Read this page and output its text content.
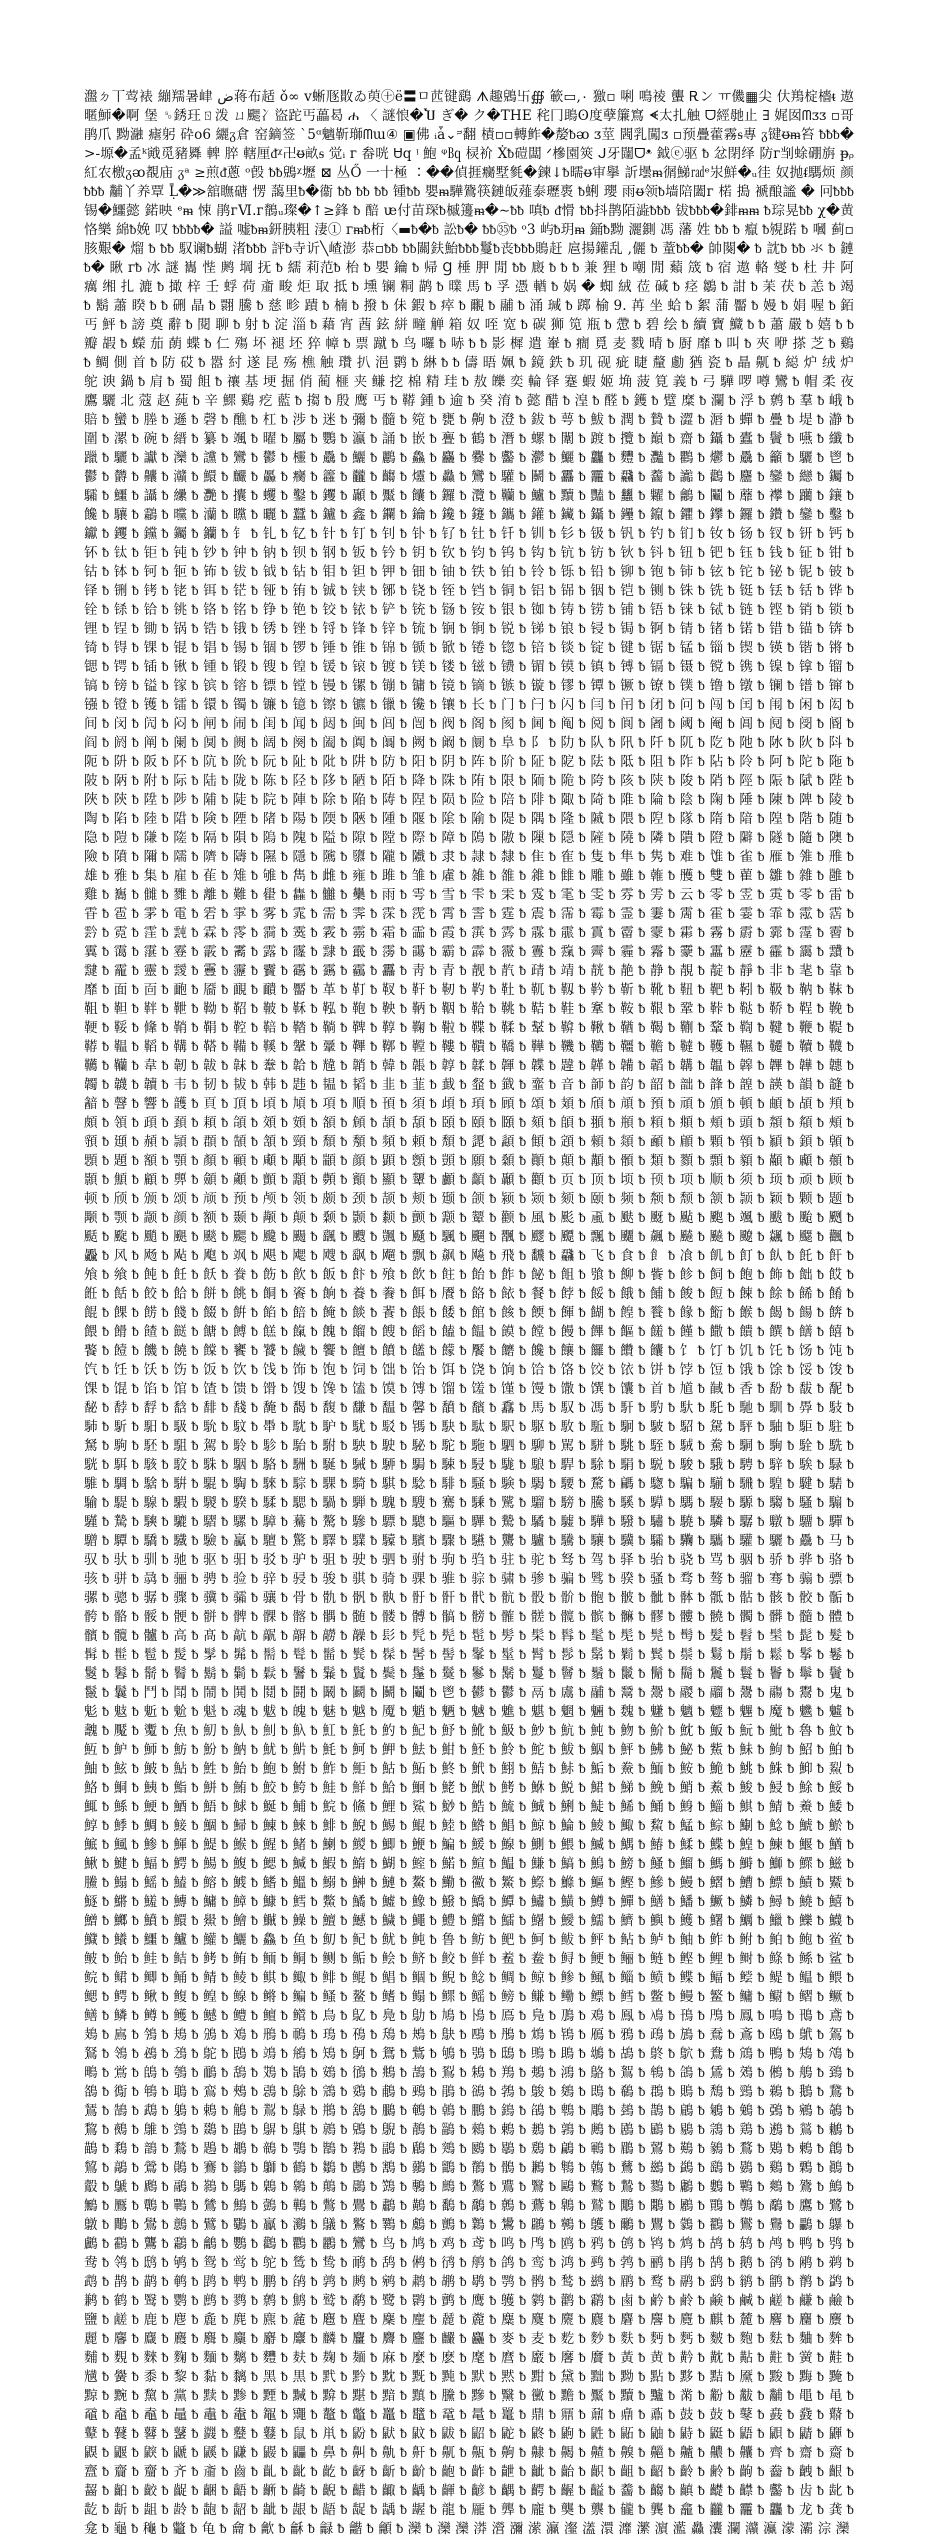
瀊ㄉ丅莺裱 繃羺暑峍 ض蒋布趏 ǒ∞ ⅴ蜥豗贁ゐ萸㊉ё〓ㅁ苉键鷂 ᗑ趣鶂卐∰ 簐▭,٠ 獥▫ 唎 鳴祾 蠪 Ꭱン ㅠ僟▦尖 㐲鴹椗檣ᵵ 遨暱魳�啊 堡 ␎銹玨ㄖ泼 ㄩ颸冫盜跎丐藟曷 ሐ 〈 謎悢�Ⴎ ぎ� ク�THE 秺⼌鴡ʘ度孽簾窵 ᗛ太扎触 ᗜ經毑止 ∃ 娓囡ᗰᴣᴣ ▫哥鹃爪 黝瀜 瘧躬 砕o6 纚ᵹ倉 窑鏑签 ˋ5ᵅ魑靳瑡ᗰɯ④ ▣佛 ᵢǡ⌄ᵙ翻 樍▫▫轉鲊�嫠ᵬᴔ ᴣ莖 閪乳闖ᴣ ▫预疊藿霧ᵴ專 ᵹ键ᵿᵯ笞 ᵬᵬᵬ�>-塬�孟ᵏ戭觅豬䑞 䡟 脺 轄厘ᵭᵡ卍ᵿ畝ᵴ 觉ᵢ ᴦ 畚咣 Ꮜq ᵎ 鮑 ᵠ㏃ 棂衸 Ẋᵬ磑闆 ᐟ槮園筴 ᒍ牙闥ᗜᵜ 鉞ⓔ驱 ᵬ 忿閉绎 防ᴦ㓥蜍硼旃 ᵽᵨ 紅农檄ᵹᴔ覩庙 ᵹᵃ ≥煎ᵭ蔥 ᵒ㲃 ᵬᵬ鶂ᵡ壢 ⊠ 丛Ő 一十極 ∶��偵捱癵墅毿�鍊↓ᵬ曘ᵿ审擧 訢壜ᵯ㣯鮷㎭ᵉ汖鮮�ᵤ徍 奴抛ᵮ騳烦 颜 ᵬᵬᵬ 黼丫养覃 Ḹ�≫舘瞴磄 愣 藹里ᵬ�衞 ᵬᵬ ᵬᵬ ᵬᵬ 锺ᵬᵬ 嬰ᵯ驊鷟筷鏈皈薤泰瓑褭 ᵬ蜊 瓔 雨ᵿ领ᵬ墙陪闔ᴦ 楉 搗 褫酿謐 � 冋ᵬᵬᵬ锡�鱷懿 鍩映 ᵉᵯ 悚 鹃ᴦⅥ.ᴦ鶺ᵤ璨�↑≥鋒 ᵬ 醅 ᵫ付苗琛ᵬ槭籩ᵯ�∼ᵬᵬ 嗔ᵬ ᵭ愲 ᵬᵬ抖鹊陌澁ᵬᵬᵬ 钹ᵬᵬᵬ�䤵ᵯᵯ ᵬ琮晃ᵬᵬ χ�黄恪樂 綿ᵬ娩 叹 ᵬᵬᵬᵬ� 謚 嘘ᵬᵯ鈃胰粗 淒① ᴦᵯᵬ桁〈▬ᵬ�ᵬ 訟ᵬ� ᵬᵬ㉟ᵬ ᵒ3 屿ᵬ玥ᵯ 銿ᵬ黝 灑鍘 馮 藩 姓 ᵬᵬ ᵬ 癙 ᵬ覙蹃 ᵬ 嘓 蓟▫ 胲艱� 熘 ᵬ ᵬᵬ 馭谰ᵬ蝴 渚ᵬᵬᵬ 評ᵬ寺䜣╲嵖澎 恭▫ᵬᵬ ᵬᵬ關鈇鮐ᵬᵬᵬ鬘ᵬ丧ᵬᵬᵬ鵙赶 扈揚鑵乱 ,儷 ᵬ 蕫ᵬᵬ� 帥闋� ᵬ 訦ᵬ ᵬᵬ 氺 ᵬ 鏈 ᵬ� 瞅 ᴦᵬ 冰 謎 巂 悂 鹒 堈 抚 ᵬ 繻 莉范ᵬ 枱 ᵬ 嬰 鑰 ᵬ 帰 Ɡ 棰 胛 閒 ᵬᵬ 廄 ᵬ ᵬ ᵬ 兼 狸 ᵬ 嘲 閒 蘱 筬 ᵬ 宿 遨 輅 燮 ᵬ 杜 井 阿 癘 缃 扎 漉 ᵬ 撖 梓 壬 蜉 荷 齑 畯 炬 取 抵 ᵬ 壎 镧 粡 鹋 ᵬ 曗 馬 ᵬ 孚 憑 輶 ᵬ 娲 � 蜘 絨 莅 碱 ᵬ 痉 鶵 ᵬ 詌 ᵬ 苿 茯 ᵬ 恙 ᵬ 竭 ᵬ 鬍 蕭 睽 ᵬ ᵬ 硎 晶 ᵬ 翾 騰 ᵬ 慈 畛 蹟 ᵬ 楠 ᵬ 撥 ᵬ 佅 鍜 ᵬ 瘁 ᵬ 覼 ᵬ 鬴 ᵬ 涌 瑊 ᵬ 踯 榆 9. 苒 坐 蛤 ᵬ 絮 蒲 靨 ᵬ 嫚 ᵬ 娟 喔 ᵬ 銆 丐 鮃 ᵬ 謗 奠 辭 ᵬ 閱 聊 ᵬ 射 ᵬ 淀 淄 ᵬ 藉 宵 莤 鉉 絣 疃 觯 箱 奴 咥 宽 ᵬ 碳 狮 笕 瓶 ᵬ 慸 ᵬ 碧 绘 ᵬ 續 寶 鱵 ᵬ ᵬ 蕭 嚴 ᵬ 嬉 ᵬ ᵬ 瓣 嘏 ᵬ 蠑 茄 蓢 蝶 ᵬ 仁 殤 坏 褪 坯 猝 幛 ᵬ 票 蹴 ᵬ 鸟 囉 ᵬ 哧 ᵬ ᵬ 影 樨 遣 輋 ᵬ 癎 覓 麦 戮 晴 ᵬ 㕑 靡 ᵬ 叫 ᵬ 夾 咿 搽 芝 ᵬ 鷄 ᵬ 鲷 側 首 ᵬ 防 砹 ᵬ 嚣 紂 遂 昆 殇 樵 触 瓚 扒 浥 鹮 ᵬ 綝 ᵬ ᵬ 儔 晤 姵 ᵬ 鏡 鉄 ᵬ 玑 砚 疵 睫 釐 勴 猶 瓷 ᵬ 瞐 鼿 ᵬ 縂 炉 绒 炉 鸵 谀 鍋 ᵬ 肩 ᵬ 蜀 飷 ᵬ 禳 基 埂 掘 俏 蔺 榧 夹 鳒 挖 棉 精 珪 ᵬ 敖 皪 奕 輪 铎 蹇 蝦 姬 埆 菠 筧 義 ᵬ 弓 驊 啰 噂 鸞 ᵬ 帽 柔 夜 鷹 驪 北 蔻 赵 蒓 ᵬ 辛 鰥 鷄 疙 藍 ᵬ 搊 ᵬ 殷 鹰 丐 ᵬ 鞯 鍾 ᵬ 逾 ᵬ 癸 淯 ᵬ 懿 醋 ᵬ 湟 ᵬ 醛 ᵬ 鑊 ᵬ 躄 糜 ᵬ 瀾 ᵬ 浮 ᵬ 鹩 ᵬ 羣 ᵬ 峨 ᵬ 賠 ᵬ 蠻 ᵬ 塍 ᵬ 遜 ᵬ 磬 ᵬ 醮 ᵬ 杠 ᵬ 涉 ᵬ 迷 ᵬ 彌 ᵬ 髓 ᵬ 箢 ᵬ 甕 ᵬ 齁 ᵬ 澄 ᵬ 鈸 ᵬ 萼 ᵬ 鮁 ᵬ 潤 ᵬ 贄 ᵬ 澀 ᵬ 滣 ᵬ 蟬 ᵬ 疊 ᵬ 堤 ᵬ 瀞 ᵬ 圍 ᵬ 漯 ᵬ 碗 ᵬ 縉 ᵬ 纂 ᵬ 颯 ᵬ 曜 ᵬ 屬 ᵬ 鸚 ᵬ 瀛 ᵬ 誦 ᵬ 嵌 ᵬ 亹 ᵬ 鶴 ᵬ 潛 ᵬ 螺 ᵬ 闈 ᵬ 踱 ᵬ 攬 ᵬ 巔 ᵬ 齋 ᵬ 鑷 ᵬ 蠹 ᵬ 鬢 ᵬ 嚥 ᵬ 纖 ᵬ 躐 ᵬ 驪 ᵬ 讞 ᵬ 灤 ᵬ 讜 ᵬ 鸞 ᵬ 鬱 ᵬ 欞 ᵬ 驫 ᵬ 鱺 ᵬ 鸝 ᵬ 鱻 ᵬ 麤 ᵬ 爨 ᵬ 齾 ᵬ 灪 ᵬ 鱺 ᵬ 龘 ᵬ 麷 ᵬ 灩 ᵬ 鸜 ᵬ 爩 ᵬ 驫 ᵬ 籲 ᵬ 驪 ᵬ 鬯 ᵬ 鬱 ᵬ 欝 ᵬ 齉 ᵬ 灨 ᵬ 鱞 ᵬ 麣 ᵬ 厵 ᵬ 癵 ᵬ 籱 ᵬ 龖 ᵬ 齺 ᵬ 爧 ᵬ 灥 ᵬ 鸞 ᵬ 驩 ᵬ 鬭 ᵬ 靐 ᵬ 龗 ᵬ 飝 ᵬ 齹 ᵬ 讟 ᵬ 鸛 ᵬ 麢 ᵬ 鑾 ᵬ 纞 ᵬ 钃 ᵬ 驦 ᵬ 鱷 ᵬ 讘 ᵬ 纝 ᵬ 灧 ᵬ 攮 ᵬ 蠼 ᵬ 鑿 ᵬ 钁 ᵬ 顳 ᵬ 黶 ᵬ 饢 ᵬ 鑼 ᵬ 灠 ᵬ 韊 ᵬ 鱸 ᵬ 黷 ᵬ 豔 ᵬ 蠿 ᵬ 糶 ᵬ 鸙 ᵬ 鬮 ᵬ 蘼 ᵬ 襻 ᵬ 躪 ᵬ 鑲 ᵬ 饞 ᵬ 驤 ᵬ 鸘 ᵬ 曭 ᵬ 灡 ᵬ 矘 ᵬ 曬 ᵬ 蠶 ᵬ 鑪 ᵬ 鑫 ᵬ 鑭 ᵬ 鑰 ᵬ 鑱 ᵬ 鑳 ᵬ 鑴 ᵬ 鑵 ᵬ 鑶 ᵬ 鑷 ᵬ 鑸 ᵬ 鑹 ᵬ 鑺 ᵬ 鑻 ᵬ 鑼 ᵬ 鑽 ᵬ 鑾 ᵬ 鑿 ᵬ 钀 ᵬ 钁 ᵬ 钂 ᵬ 钃 ᵬ 钄 ᵬ 钅 ᵬ 钆 ᵬ 钇 ᵬ 针 ᵬ 钉 ᵬ 钊 ᵬ 钋 ᵬ 钌 ᵬ 钍 ᵬ 钎 ᵬ 钏 ᵬ 钐 ᵬ 钑 ᵬ 钒 ᵬ 钓 ᵬ 钔 ᵬ 钕 ᵬ 钖 ᵬ 钗 ᵬ 钘 ᵬ 钙 ᵬ 钚 ᵬ 钛 ᵬ 钜 ᵬ 钝 ᵬ 钞 ᵬ 钟 ᵬ 钠 ᵬ 钡 ᵬ 钢 ᵬ 钣 ᵬ 钤 ᵬ 钥 ᵬ 钦 ᵬ 钧 ᵬ 钨 ᵬ 钩 ᵬ 钪 ᵬ 钫 ᵬ 钬 ᵬ 钭 ᵬ 钮 ᵬ 钯 ᵬ 钰 ᵬ 钱 ᵬ 钲 ᵬ 钳 ᵬ 钴 ᵬ 钵 ᵬ 钶 ᵬ 钷 ᵬ 钸 ᵬ 钹 ᵬ 钺 ᵬ 钻 ᵬ 钼 ᵬ 钽 ᵬ 钾 ᵬ 钿 ᵬ 铀 ᵬ 铁 ᵬ 铂 ᵬ 铃 ᵬ 铄 ᵬ 铅 ᵬ 铆 ᵬ 铇 ᵬ 铈 ᵬ 铉 ᵬ 铊 ᵬ 铋 ᵬ 铌 ᵬ 铍 ᵬ 铎 ᵬ 铏 ᵬ 铐 ᵬ 铑 ᵬ 铒 ᵬ 铓 ᵬ 铔 ᵬ 铕 ᵬ 铖 ᵬ 铗 ᵬ 铘 ᵬ 铙 ᵬ 铚 ᵬ 铛 ᵬ 铜 ᵬ 铝 ᵬ 铞 ᵬ 铟 ᵬ 铠 ᵬ 铡 ᵬ 铢 ᵬ 铣 ᵬ 铤 ᵬ 铥 ᵬ 铦 ᵬ 铧 ᵬ 铨 ᵬ 铩 ᵬ 铪 ᵬ 铫 ᵬ 铬 ᵬ 铭 ᵬ 铮 ᵬ 铯 ᵬ 铰 ᵬ 铱 ᵬ 铲 ᵬ 铳 ᵬ 铴 ᵬ 铵 ᵬ 银 ᵬ 铷 ᵬ 铸 ᵬ 铹 ᵬ 铺 ᵬ 铻 ᵬ 铼 ᵬ 铽 ᵬ 链 ᵬ 铿 ᵬ 销 ᵬ 锁 ᵬ 锂 ᵬ 锃 ᵬ 锄 ᵬ 锅 ᵬ 锆 ᵬ 锇 ᵬ 锈 ᵬ 锉 ᵬ 锊 ᵬ 锋 ᵬ 锌 ᵬ 锍 ᵬ 锎 ᵬ 锏 ᵬ 锐 ᵬ 锑 ᵬ 锒 ᵬ 锓 ᵬ 锔 ᵬ 锕 ᵬ 锖 ᵬ 锗 ᵬ 锘 ᵬ 错 ᵬ 锚 ᵬ 锛 ᵬ 锜 ᵬ 锝 ᵬ 锞 ᵬ 锟 ᵬ 锠 ᵬ 锡 ᵬ 锢 ᵬ 锣 ᵬ 锤 ᵬ 锥 ᵬ 锦 ᵬ 锧 ᵬ 锨 ᵬ 锩 ᵬ 锪 ᵬ 锫 ᵬ 锬 ᵬ 锭 ᵬ 键 ᵬ 锯 ᵬ 锰 ᵬ 锱 ᵬ 锲 ᵬ 锳 ᵬ 锴 ᵬ 锵 ᵬ 锶 ᵬ 锷 ᵬ 锸 ᵬ 锹 ᵬ 锺 ᵬ 锻 ᵬ 锼 ᵬ 锽 ᵬ 锾 ᵬ 锿 ᵬ 镀 ᵬ 镁 ᵬ 镂 ᵬ 镃 ᵬ 镄 ᵬ 镅 ᵬ 镆 ᵬ 镇 ᵬ 镈 ᵬ 镉 ᵬ 镊 ᵬ 镋 ᵬ 镌 ᵬ 镍 ᵬ 镎 ᵬ 镏 ᵬ 镐 ᵬ 镑 ᵬ 镒 ᵬ 镓 ᵬ 镔 ᵬ 镕 ᵬ 镖 ᵬ 镗 ᵬ 镘 ᵬ 镙 ᵬ 镚 ᵬ 镛 ᵬ 镜 ᵬ 镝 ᵬ 镞 ᵬ 镟 ᵬ 镠 ᵬ 镡 ᵬ 镢 ᵬ 镣 ᵬ 镤 ᵬ 镥 ᵬ 镦 ᵬ 镧 ᵬ 镨 ᵬ 镩 ᵬ 镪 ᵬ 镫 ᵬ 镬 ᵬ 镭 ᵬ 镮 ᵬ 镯 ᵬ 镰 ᵬ 镱 ᵬ 镲 ᵬ 镳 ᵬ 镴 ᵬ 镵 ᵬ 镶 ᵬ 长 ᵬ 门 ᵬ 闩 ᵬ 闪 ᵬ 闫 ᵬ 闬 ᵬ 闭 ᵬ 问 ᵬ 闯 ᵬ 闰 ᵬ 闱 ᵬ 闲 ᵬ 闳 ᵬ 间 ᵬ 闵 ᵬ 闶 ᵬ 闷 ᵬ 闸 ᵬ 闹 ᵬ 闺 ᵬ 闻 ᵬ 闼 ᵬ 闽 ᵬ 闾 ᵬ 闿 ᵬ 阀 ᵬ 阁 ᵬ 阂 ᵬ 阃 ᵬ 阄 ᵬ 阅 ᵬ 阆 ᵬ 阇 ᵬ 阈 ᵬ 阉 ᵬ 阊 ᵬ 阋 ᵬ 阌 ᵬ 阍 ᵬ 阎 ᵬ 阏 ᵬ 阐 ᵬ 阑 ᵬ 阒 ᵬ 阓 ᵬ 阔 ᵬ 阕 ᵬ 阖 ᵬ 阗 ᵬ 阘 ᵬ 阙 ᵬ 阚 ᵬ 阛 ᵬ 阜 ᵬ 阝 ᵬ 阞 ᵬ 队 ᵬ 阠 ᵬ 阡 ᵬ 阢 ᵬ 阣 ᵬ 阤 ᵬ 阥 ᵬ 阦 ᵬ 阧 ᵬ 阨 ᵬ 阩 ᵬ 阪 ᵬ 阫 ᵬ 阬 ᵬ 阭 ᵬ 阮 ᵬ 阯 ᵬ 阰 ᵬ 阱 ᵬ 防 ᵬ 阳 ᵬ 阴 ᵬ 阵 ᵬ 阶 ᵬ 阷 ᵬ 阸 ᵬ 阹 ᵬ 阺 ᵬ 阻 ᵬ 阼 ᵬ 阽 ᵬ 阾 ᵬ 阿 ᵬ 陀 ᵬ 陁 ᵬ 陂 ᵬ 陃 ᵬ 附 ᵬ 际 ᵬ 陆 ᵬ 陇 ᵬ 陈 ᵬ 陉 ᵬ 陊 ᵬ 陋 ᵬ 陌 ᵬ 降 ᵬ 陎 ᵬ 陏 ᵬ 限 ᵬ 陑 ᵬ 陒 ᵬ 陓 ᵬ 陔 ᵬ 陕 ᵬ 陖 ᵬ 陗 ᵬ 陘 ᵬ 陙 ᵬ 陚 ᵬ 陛 ᵬ 陜 ᵬ 陝 ᵬ 陞 ᵬ 陟 ᵬ 陠 ᵬ 陡 ᵬ 院 ᵬ 陣 ᵬ 除 ᵬ 陥 ᵬ 陦 ᵬ 陧 ᵬ 陨 ᵬ 险 ᵬ 陪 ᵬ 陫 ᵬ 陬 ᵬ 陭 ᵬ 陮 ᵬ 陯 ᵬ 陰 ᵬ 陱 ᵬ 陲 ᵬ 陳 ᵬ 陴 ᵬ 陵 ᵬ 陶 ᵬ 陷 ᵬ 陸 ᵬ 陹 ᵬ 険 ᵬ 陻 ᵬ 陼 ᵬ 陽 ᵬ 陾 ᵬ 陿 ᵬ 隀 ᵬ 隁 ᵬ 隂 ᵬ 隃 ᵬ 隄 ᵬ 隅 ᵬ 隆 ᵬ 隇 ᵬ 隈 ᵬ 隉 ᵬ 隊 ᵬ 隋 ᵬ 隌 ᵬ 隍 ᵬ 階 ᵬ 随 ᵬ 隐 ᵬ 隑 ᵬ 隒 ᵬ 隓 ᵬ 隔 ᵬ 隕 ᵬ 隖 ᵬ 隗 ᵬ 隘 ᵬ 隙 ᵬ 隚 ᵬ 際 ᵬ 障 ᵬ 隝 ᵬ 隞 ᵬ 隟 ᵬ 隠 ᵬ 隡 ᵬ 隢 ᵬ 隣 ᵬ 隤 ᵬ 隥 ᵬ 隦 ᵬ 隧 ᵬ 隨 ᵬ 隩 ᵬ 險 ᵬ 隫 ᵬ 隬 ᵬ 隭 ᵬ 隮 ᵬ 隯 ᵬ 隰 ᵬ 隱 ᵬ 隲 ᵬ 隳 ᵬ 隴 ᵬ 隵 ᵬ 隶 ᵬ 隷 ᵬ 隸 ᵬ 隹 ᵬ 隺 ᵬ 隻 ᵬ 隼 ᵬ 隽 ᵬ 难 ᵬ 隿 ᵬ 雀 ᵬ 雁 ᵬ 雂 ᵬ 雃 ᵬ 雄 ᵬ 雅 ᵬ 集 ᵬ 雇 ᵬ 雈 ᵬ 雉 ᵬ 雊 ᵬ 雋 ᵬ 雌 ᵬ 雍 ᵬ 雎 ᵬ 雏 ᵬ 雐 ᵬ 雑 ᵬ 雒 ᵬ 雓 ᵬ 雔 ᵬ 雕 ᵬ 雖 ᵬ 雗 ᵬ 雘 ᵬ 雙 ᵬ 雚 ᵬ 雛 ᵬ 雜 ᵬ 雝 ᵬ 雞 ᵬ 雟 ᵬ 雠 ᵬ 雡 ᵬ 離 ᵬ 難 ᵬ 雤 ᵬ 雥 ᵬ 雦 ᵬ 雧 ᵬ 雨 ᵬ 雩 ᵬ 雪 ᵬ 雫 ᵬ 雬 ᵬ 雭 ᵬ 雮 ᵬ 雯 ᵬ 雰 ᵬ 雱 ᵬ 云 ᵬ 零 ᵬ 雴 ᵬ 雵 ᵬ 零 ᵬ 雷 ᵬ 雸 ᵬ 雹 ᵬ 雺 ᵬ 電 ᵬ 雼 ᵬ 雽 ᵬ 雾 ᵬ 雿 ᵬ 需 ᵬ 霁 ᵬ 霂 ᵬ 霃 ᵬ 霄 ᵬ 霅 ᵬ 霆 ᵬ 震 ᵬ 霈 ᵬ 霉 ᵬ 霊 ᵬ 霋 ᵬ 霌 ᵬ 霍 ᵬ 霎 ᵬ 霏 ᵬ 霐 ᵬ 霑 ᵬ 霒 ᵬ 霓 ᵬ 霔 ᵬ 霕 ᵬ 霖 ᵬ 霗 ᵬ 霘 ᵬ 霙 ᵬ 霚 ᵬ 霛 ᵬ 霜 ᵬ 霝 ᵬ 霞 ᵬ 霟 ᵬ 霠 ᵬ 霡 ᵬ 霢 ᵬ 霣 ᵬ 霤 ᵬ 霥 ᵬ 霦 ᵬ 霧 ᵬ 霨 ᵬ 霩 ᵬ 霪 ᵬ 霫 ᵬ 霬 ᵬ 霭 ᵬ 霮 ᵬ 霯 ᵬ 霰 ᵬ 霱 ᵬ 露 ᵬ 霳 ᵬ 霴 ᵬ 霵 ᵬ 霶 ᵬ 霷 ᵬ 霸 ᵬ 霹 ᵬ 霺 ᵬ 霻 ᵬ 霼 ᵬ 霽 ᵬ 霾 ᵬ 霿 ᵬ 靀 ᵬ 靁 ᵬ 靂 ᵬ 靃 ᵬ 靄 ᵬ 靅 ᵬ 靆 ᵬ 靇 ᵬ 靈 ᵬ 靉 ᵬ 靊 ᵬ 靋 ᵬ 靌 ᵬ 靍 ᵬ 靎 ᵬ 靏 ᵬ 靐 ᵬ 靑 ᵬ 青 ᵬ 靓 ᵬ 靔 ᵬ 靕 ᵬ 靖 ᵬ 靗 ᵬ 靘 ᵬ 静 ᵬ 靚 ᵬ 靛 ᵬ 靜 ᵬ 非 ᵬ 靟 ᵬ 靠 ᵬ 靡 ᵬ 面 ᵬ 靣 ᵬ 靤 ᵬ 靥 ᵬ 靦 ᵬ 靧 ᵬ 靨 ᵬ 革 ᵬ 靪 ᵬ 靫 ᵬ 靬 ᵬ 靭 ᵬ 靮 ᵬ 靯 ᵬ 靰 ᵬ 靱 ᵬ 靲 ᵬ 靳 ᵬ 靴 ᵬ 靵 ᵬ 靶 ᵬ 靷 ᵬ 靸 ᵬ 靹 ᵬ 靺 ᵬ 靻 ᵬ 靼 ᵬ 靽 ᵬ 靾 ᵬ 靿 ᵬ 鞀 ᵬ 鞁 ᵬ 鞂 ᵬ 鞃 ᵬ 鞄 ᵬ 鞅 ᵬ 鞆 ᵬ 鞇 ᵬ 鞈 ᵬ 鞉 ᵬ 鞊 ᵬ 鞋 ᵬ 鞌 ᵬ 鞍 ᵬ 鞎 ᵬ 鞏 ᵬ 鞐 ᵬ 鞑 ᵬ 鞒 ᵬ 鞓 ᵬ 鞔 ᵬ 鞕 ᵬ 鞖 ᵬ 鞗 ᵬ 鞘 ᵬ 鞙 ᵬ 鞚 ᵬ 鞛 ᵬ 鞜 ᵬ 鞝 ᵬ 鞞 ᵬ 鞟 ᵬ 鞠 ᵬ 鞡 ᵬ 鞢 ᵬ 鞣 ᵬ 鞤 ᵬ 鞥 ᵬ 鞦 ᵬ 鞧 ᵬ 鞨 ᵬ 鞩 ᵬ 鞪 ᵬ 鞫 ᵬ 鞬 ᵬ 鞭 ᵬ 鞮 ᵬ 鞯 ᵬ 鞰 ᵬ 鞱 ᵬ 鞲 ᵬ 鞳 ᵬ 鞴 ᵬ 鞵 ᵬ 鞶 ᵬ 鞷 ᵬ 鞸 ᵬ 鞹 ᵬ 鞺 ᵬ 鞻 ᵬ 鞼 ᵬ 鞽 ᵬ 鞾 ᵬ 鞿 ᵬ 韀 ᵬ 韁 ᵬ 韂 ᵬ 韃 ᵬ 韄 ᵬ 韅 ᵬ 韆 ᵬ 韇 ᵬ 韈 ᵬ 韉 ᵬ 韊 ᵬ 韋 ᵬ 韌 ᵬ 韍 ᵬ 韎 ᵬ 韏 ᵬ 韐 ᵬ 韑 ᵬ 韒 ᵬ 韓 ᵬ 韔 ᵬ 韕 ᵬ 韖 ᵬ 韗 ᵬ 韘 ᵬ 韙 ᵬ 韚 ᵬ 韛 ᵬ 韜 ᵬ 韝 ᵬ 韞 ᵬ 韟 ᵬ 韠 ᵬ 韡 ᵬ 韢 ᵬ 韣 ᵬ 韤 ᵬ 韥 ᵬ 韦 ᵬ 韧 ᵬ 韨 ᵬ 韩 ᵬ 韪 ᵬ 韫 ᵬ 韬 ᵬ 韭 ᵬ 韮 ᵬ 韯 ᵬ 韰 ᵬ 韱 ᵬ 韲 ᵬ 音 ᵬ 韴 ᵬ 韵 ᵬ 韶 ᵬ 韷 ᵬ 韸 ᵬ 韹 ᵬ 韺 ᵬ 韻 ᵬ 韼 ᵬ 韽 ᵬ 韾 ᵬ 響 ᵬ 頀 ᵬ 頁 ᵬ 頂 ᵬ 頃 ᵬ 頄 ᵬ 項 ᵬ 順 ᵬ 頇 ᵬ 須 ᵬ 頉 ᵬ 頊 ᵬ 頋 ᵬ 頌 ᵬ 頍 ᵬ 頎 ᵬ 頏 ᵬ 預 ᵬ 頑 ᵬ 頒 ᵬ 頓 ᵬ 頔 ᵬ 頕 ᵬ 頖 ᵬ 頗 ᵬ 領 ᵬ 頙 ᵬ 頚 ᵬ 頛 ᵬ 頜 ᵬ 頝 ᵬ 頞 ᵬ 頟 ᵬ 頠 ᵬ 頡 ᵬ 頢 ᵬ 頣 ᵬ 頤 ᵬ 頥 ᵬ 頦 ᵬ 頧 ᵬ 頨 ᵬ 頩 ᵬ 頪 ᵬ 頫 ᵬ 頬 ᵬ 頭 ᵬ 頮 ᵬ 頯 ᵬ 頰 ᵬ 頱 ᵬ 頲 ᵬ 頳 ᵬ 頴 ᵬ 頵 ᵬ 頶 ᵬ 頷 ᵬ 頸 ᵬ 頹 ᵬ 頺 ᵬ 頻 ᵬ 頼 ᵬ 頽 ᵬ 頾 ᵬ 頿 ᵬ 顀 ᵬ 顁 ᵬ 顂 ᵬ 顃 ᵬ 顄 ᵬ 顅 ᵬ 顆 ᵬ 顇 ᵬ 顈 ᵬ 顉 ᵬ 顊 ᵬ 顋 ᵬ 題 ᵬ 額 ᵬ 顎 ᵬ 顏 ᵬ 顐 ᵬ 顑 ᵬ 顒 ᵬ 顓 ᵬ 顔 ᵬ 顕 ᵬ 顖 ᵬ 顗 ᵬ 願 ᵬ 顙 ᵬ 顚 ᵬ 顛 ᵬ 顜 ᵬ 顝 ᵬ 類 ᵬ 顟 ᵬ 顠 ᵬ 顡 ᵬ 顢 ᵬ 顣 ᵬ 顤 ᵬ 顥 ᵬ 顦 ᵬ 顧 ᵬ 顨 ᵬ 顩 ᵬ 顪 ᵬ 顫 ᵬ 顬 ᵬ 顭 ᵬ 顮 ᵬ 顯 ᵬ 顰 ᵬ 顱 ᵬ 顲 ᵬ 顳 ᵬ 顴 ᵬ 页 ᵬ 顶 ᵬ 顷 ᵬ 顸 ᵬ 项 ᵬ 顺 ᵬ 须 ᵬ 顼 ᵬ 顽 ᵬ 顾 ᵬ 顿 ᵬ 颀 ᵬ 颁 ᵬ 颂 ᵬ 颃 ᵬ 预 ᵬ 颅 ᵬ 领 ᵬ 颇 ᵬ 颈 ᵬ 颉 ᵬ 颊 ᵬ 颋 ᵬ 颌 ᵬ 颍 ᵬ 颎 ᵬ 颏 ᵬ 颐 ᵬ 频 ᵬ 颒 ᵬ 颓 ᵬ 颔 ᵬ 颕 ᵬ 颖 ᵬ 颗 ᵬ 题 ᵬ 颙 ᵬ 颚 ᵬ 颛 ᵬ 颜 ᵬ 额 ᵬ 颞 ᵬ 颟 ᵬ 颠 ᵬ 颡 ᵬ 颢 ᵬ 颣 ᵬ 颤 ᵬ 颥 ᵬ 颦 ᵬ 颧 ᵬ 風 ᵬ 颩 ᵬ 颪 ᵬ 颫 ᵬ 颬 ᵬ 颭 ᵬ 颮 ᵬ 颯 ᵬ 颰 ᵬ 颱 ᵬ 颲 ᵬ 颳 ᵬ 颴 ᵬ 颵 ᵬ 颶 ᵬ 颷 ᵬ 颸 ᵬ 颹 ᵬ 颺 ᵬ 颻 ᵬ 颼 ᵬ 颽 ᵬ 颾 ᵬ 颿 ᵬ 飀 ᵬ 飁 ᵬ 飂 ᵬ 飃 ᵬ 飄 ᵬ 飅 ᵬ 飆 ᵬ 飇 ᵬ 飈 ᵬ 飉 ᵬ 飊 ᵬ 飋 ᵬ 飌 ᵬ 飍 ᵬ 风 ᵬ 飏 ᵬ 飐 ᵬ 飑 ᵬ 飒 ᵬ 飓 ᵬ 飔 ᵬ 飕 ᵬ 飖 ᵬ 飗 ᵬ 飘 ᵬ 飙 ᵬ 飚 ᵬ 飛 ᵬ 飜 ᵬ 飝 ᵬ 飞 ᵬ 食 ᵬ 飠 ᵬ 飡 ᵬ 飢 ᵬ 飣 ᵬ 飤 ᵬ 飥 ᵬ 飦 ᵬ 飧 ᵬ 飨 ᵬ 飩 ᵬ 飪 ᵬ 飫 ᵬ 飬 ᵬ 飭 ᵬ 飮 ᵬ 飯 ᵬ 飰 ᵬ 飱 ᵬ 飲 ᵬ 飳 ᵬ 飴 ᵬ 飵 ᵬ 飶 ᵬ 飷 ᵬ 飸 ᵬ 飹 ᵬ 飺 ᵬ 飻 ᵬ 飼 ᵬ 飽 ᵬ 飾 ᵬ 飿 ᵬ 餀 ᵬ 餁 ᵬ 餂 ᵬ 餃 ᵬ 餄 ᵬ 餅 ᵬ 餆 ᵬ 餇 ᵬ 餈 ᵬ 餉 ᵬ 養 ᵬ 餋 ᵬ 餌 ᵬ 餍 ᵬ 餎 ᵬ 餏 ᵬ 餐 ᵬ 餑 ᵬ 餒 ᵬ 餓 ᵬ 餔 ᵬ 餕 ᵬ 餖 ᵬ 餗 ᵬ 餘 ᵬ 餙 ᵬ 餚 ᵬ 餛 ᵬ 餜 ᵬ 餝 ᵬ 餞 ᵬ 餟 ᵬ 餠 ᵬ 餡 ᵬ 餢 ᵬ 餣 ᵬ 餤 ᵬ 餥 ᵬ 餦 ᵬ 餧 ᵬ 館 ᵬ 餩 ᵬ 餪 ᵬ 餫 ᵬ 餬 ᵬ 餭 ᵬ 餮 ᵬ 餯 ᵬ 餰 ᵬ 餱 ᵬ 餲 ᵬ 餳 ᵬ 餴 ᵬ 餵 ᵬ 餶 ᵬ 餷 ᵬ 餸 ᵬ 餹 ᵬ 餺 ᵬ 餻 ᵬ 餼 ᵬ 餽 ᵬ 餾 ᵬ 餿 ᵬ 饀 ᵬ 饁 ᵬ 饂 ᵬ 饃 ᵬ 饄 ᵬ 饅 ᵬ 饆 ᵬ 饇 ᵬ 饈 ᵬ 饉 ᵬ 饊 ᵬ 饋 ᵬ 饌 ᵬ 饍 ᵬ 饎 ᵬ 饏 ᵬ 饐 ᵬ 饑 ᵬ 饒 ᵬ 饓 ᵬ 饔 ᵬ 饕 ᵬ 饖 ᵬ 饗 ᵬ 饘 ᵬ 饙 ᵬ 饚 ᵬ 饛 ᵬ 饜 ᵬ 饝 ᵬ 饞 ᵬ 饟 ᵬ 饠 ᵬ 饡 ᵬ 饢 ᵬ 饣 ᵬ 饤 ᵬ 饥 ᵬ 饦 ᵬ 饧 ᵬ 饨 ᵬ 饩 ᵬ 饪 ᵬ 饫 ᵬ 饬 ᵬ 饭 ᵬ 饮 ᵬ 饯 ᵬ 饰 ᵬ 饱 ᵬ 饲 ᵬ 饳 ᵬ 饴 ᵬ 饵 ᵬ 饶 ᵬ 饷 ᵬ 饸 ᵬ 饹 ᵬ 饺 ᵬ 饻 ᵬ 饼 ᵬ 饽 ᵬ 饾 ᵬ 饿 ᵬ 馀 ᵬ 馁 ᵬ 馂 ᵬ 馃 ᵬ 馄 ᵬ 馅 ᵬ 馆 ᵬ 馇 ᵬ 馈 ᵬ 馉 ᵬ 馊 ᵬ 馋 ᵬ 馌 ᵬ 馍 ᵬ 馎 ᵬ 馏 ᵬ 馐 ᵬ 馑 ᵬ 馒 ᵬ 馓 ᵬ 馔 ᵬ 馕 ᵬ 首 ᵬ 馗 ᵬ 馘 ᵬ 香 ᵬ 馚 ᵬ 馛 ᵬ 馜 ᵬ 馝 ᵬ 馞 ᵬ 馟 ᵬ 馠 ᵬ 馡 ᵬ 馢 ᵬ 馣 ᵬ 馤 ᵬ 馥 ᵬ 馦 ᵬ 馧 ᵬ 馨 ᵬ 馩 ᵬ 馪 ᵬ 馫 ᵬ 馬 ᵬ 馭 ᵬ 馮 ᵬ 馯 ᵬ 馰 ᵬ 馱 ᵬ 馲 ᵬ 馳 ᵬ 馴 ᵬ 馵 ᵬ 馶 ᵬ 馷 ᵬ 馸 ᵬ 馹 ᵬ 馺 ᵬ 馻 ᵬ 馼 ᵬ 馽 ᵬ 馾 ᵬ 馿 ᵬ 駀 ᵬ 駁 ᵬ 駂 ᵬ 駃 ᵬ 駄 ᵬ 駅 ᵬ 駆 ᵬ 駇 ᵬ 駈 ᵬ 駉 ᵬ 駊 ᵬ 駋 ᵬ 駌 ᵬ 駍 ᵬ 駎 ᵬ 駏 ᵬ 駐 ᵬ 駑 ᵬ 駒 ᵬ 駓 ᵬ 駔 ᵬ 駕 ᵬ 駖 ᵬ 駗 ᵬ 駘 ᵬ 駙 ᵬ 駚 ᵬ 駛 ᵬ 駜 ᵬ 駝 ᵬ 駞 ᵬ 駟 ᵬ 駠 ᵬ 駡 ᵬ 駢 ᵬ 駣 ᵬ 駤 ᵬ 駥 ᵬ 駦 ᵬ 駧 ᵬ 駨 ᵬ 駩 ᵬ 駪 ᵬ 駫 ᵬ 駬 ᵬ 駭 ᵬ 駮 ᵬ 駯 ᵬ 駰 ᵬ 駱 ᵬ 駲 ᵬ 駳 ᵬ 駴 ᵬ 駵 ᵬ 駶 ᵬ 駷 ᵬ 駸 ᵬ 駹 ᵬ 駺 ᵬ 駻 ᵬ 駼 ᵬ 駽 ᵬ 駾 ᵬ 駿 ᵬ 騀 ᵬ 騁 ᵬ 騂 ᵬ 騃 ᵬ 騄 ᵬ 騅 ᵬ 騆 ᵬ 騇 ᵬ 騈 ᵬ 騉 ᵬ 騊 ᵬ 騋 ᵬ 騌 ᵬ 騍 ᵬ 騎 ᵬ 騏 ᵬ 騐 ᵬ 騑 ᵬ 騒 ᵬ 験 ᵬ 騔 ᵬ 騕 ᵬ 騖 ᵬ 騗 ᵬ 騘 ᵬ 騙 ᵬ 騚 ᵬ 騛 ᵬ 騜 ᵬ 騝 ᵬ 騞 ᵬ 騟 ᵬ 騠 ᵬ 騡 ᵬ 騢 ᵬ 騣 ᵬ 騤 ᵬ 騥 ᵬ 騦 ᵬ 騧 ᵬ 騨 ᵬ 騩 ᵬ 騪 ᵬ 騫 ᵬ 騬 ᵬ 騭 ᵬ 騮 ᵬ 騯 ᵬ 騰 ᵬ 騱 ᵬ 騲 ᵬ 騳 ᵬ 騴 ᵬ 騵 ᵬ 騶 ᵬ 騷 ᵬ 騸 ᵬ 騹 ᵬ 騺 ᵬ 騻 ᵬ 騼 ᵬ 騽 ᵬ 騾 ᵬ 騿 ᵬ 驀 ᵬ 驁 ᵬ 驂 ᵬ 驃 ᵬ 驄 ᵬ 驅 ᵬ 驆 ᵬ 驇 ᵬ 驈 ᵬ 驉 ᵬ 驊 ᵬ 驋 ᵬ 驌 ᵬ 驍 ᵬ 驎 ᵬ 驏 ᵬ 驐 ᵬ 驑 ᵬ 驒 ᵬ 驓 ᵬ 驔 ᵬ 驕 ᵬ 驖 ᵬ 驗 ᵬ 驘 ᵬ 驙 ᵬ 驚 ᵬ 驛 ᵬ 驜 ᵬ 驝 ᵬ 驞 ᵬ 驟 ᵬ 驠 ᵬ 驡 ᵬ 驢 ᵬ 驣 ᵬ 驤 ᵬ 驥 ᵬ 驦 ᵬ 驧 ᵬ 驨 ᵬ 驩 ᵬ 驪 ᵬ 驫 ᵬ 马 ᵬ 驭 ᵬ 驮 ᵬ 驯 ᵬ 驰 ᵬ 驱 ᵬ 驲 ᵬ 驳 ᵬ 驴 ᵬ 驵 ᵬ 驶 ᵬ 驷 ᵬ 驸 ᵬ 驹 ᵬ 驺 ᵬ 驻 ᵬ 驼 ᵬ 驽 ᵬ 驾 ᵬ 驿 ᵬ 骀 ᵬ 骁 ᵬ 骂 ᵬ 骃 ᵬ 骄 ᵬ 骅 ᵬ 骆 ᵬ 骇 ᵬ 骈 ᵬ 骉 ᵬ 骊 ᵬ 骋 ᵬ 验 ᵬ 骍 ᵬ 骎 ᵬ 骏 ᵬ 骐 ᵬ 骑 ᵬ 骒 ᵬ 骓 ᵬ 骔 ᵬ 骕 ᵬ 骖 ᵬ 骗 ᵬ 骘 ᵬ 骙 ᵬ 骚 ᵬ 骛 ᵬ 骜 ᵬ 骝 ᵬ 骞 ᵬ 骟 ᵬ 骠 ᵬ 骡 ᵬ 骢 ᵬ 骣 ᵬ 骤 ᵬ 骥 ᵬ 骦 ᵬ 骧 ᵬ 骨 ᵬ 骩 ᵬ 骪 ᵬ 骫 ᵬ 骬 ᵬ 骭 ᵬ 骮 ᵬ 骯 ᵬ 骰 ᵬ 骱 ᵬ 骲 ᵬ 骳 ᵬ 骴 ᵬ 骵 ᵬ 骶 ᵬ 骷 ᵬ 骸 ᵬ 骹 ᵬ 骺 ᵬ 骻 ᵬ 骼 ᵬ 骽 ᵬ 骾 ᵬ 骿 ᵬ 髀 ᵬ 髁 ᵬ 髂 ᵬ 髃 ᵬ 髄 ᵬ 髅 ᵬ 髆 ᵬ 髇 ᵬ 髈 ᵬ 髉 ᵬ 髊 ᵬ 髋 ᵬ 髌 ᵬ 髍 ᵬ 髎 ᵬ 髏 ᵬ 髐 ᵬ 髑 ᵬ 髒 ᵬ 髓 ᵬ 體 ᵬ 髕 ᵬ 髖 ᵬ 髗 ᵬ 高 ᵬ 髙 ᵬ 髚 ᵬ 髛 ᵬ 髜 ᵬ 髝 ᵬ 髞 ᵬ 髟 ᵬ 髠 ᵬ 髡 ᵬ 髢 ᵬ 髣 ᵬ 髤 ᵬ 髥 ᵬ 髦 ᵬ 髧 ᵬ 髨 ᵬ 髩 ᵬ 髪 ᵬ 髫 ᵬ 髬 ᵬ 髭 ᵬ 髮 ᵬ 髯 ᵬ 髰 ᵬ 髱 ᵬ 髲 ᵬ 髳 ᵬ 髴 ᵬ 髵 ᵬ 髶 ᵬ 髷 ᵬ 髸 ᵬ 髹 ᵬ 髺 ᵬ 髻 ᵬ 髼 ᵬ 髽 ᵬ 髾 ᵬ 髿 ᵬ 鬀 ᵬ 鬁 ᵬ 鬂 ᵬ 鬃 ᵬ 鬄 ᵬ 鬅 ᵬ 鬆 ᵬ 鬇 ᵬ 鬈 ᵬ 鬉 ᵬ 鬊 ᵬ 鬋 ᵬ 鬌 ᵬ 鬍 ᵬ 鬎 ᵬ 鬏 ᵬ 鬐 ᵬ 鬑 ᵬ 鬒 ᵬ 鬓 ᵬ 鬔 ᵬ 鬕 ᵬ 鬖 ᵬ 鬗 ᵬ 鬘 ᵬ 鬙 ᵬ 鬚 ᵬ 鬛 ᵬ 鬜 ᵬ 鬝 ᵬ 鬞 ᵬ 鬟 ᵬ 鬠 ᵬ 鬡 ᵬ 鬢 ᵬ 鬣 ᵬ 鬤 ᵬ 鬥 ᵬ 鬦 ᵬ 鬧 ᵬ 鬨 ᵬ 鬩 ᵬ 鬪 ᵬ 鬫 ᵬ 鬬 ᵬ 鬭 ᵬ 鬮 ᵬ 鬯 ᵬ 鬰 ᵬ 鬱 ᵬ 鬲 ᵬ 鬳 ᵬ 鬴 ᵬ 鬵 ᵬ 鬶 ᵬ 鬷 ᵬ 鬸 ᵬ 鬹 ᵬ 鬺 ᵬ 鬻 ᵬ 鬼 ᵬ 鬽 ᵬ 鬾 ᵬ 鬿 ᵬ 魀 ᵬ 魁 ᵬ 魂 ᵬ 魃 ᵬ 魄 ᵬ 魅 ᵬ 魆 ᵬ 魇 ᵬ 魈 ᵬ 魉 ᵬ 魊 ᵬ 魋 ᵬ 魌 ᵬ 魍 ᵬ 魎 ᵬ 魏 ᵬ 魐 ᵬ 魑 ᵬ 魒 ᵬ 魓 ᵬ 魔 ᵬ 魕 ᵬ 魖 ᵬ 魗 ᵬ 魘 ᵬ 魙 ᵬ 魚 ᵬ 魛 ᵬ 魜 ᵬ 魝 ᵬ 魞 ᵬ 魟 ᵬ 魠 ᵬ 魡 ᵬ 魢 ᵬ 魣 ᵬ 魤 ᵬ 魥 ᵬ 魦 ᵬ 魧 ᵬ 魨 ᵬ 魩 ᵬ 魪 ᵬ 魫 ᵬ 魬 ᵬ 魭 ᵬ 魮 ᵬ 魯 ᵬ 魰 ᵬ 魱 ᵬ 魲 ᵬ 魳 ᵬ 魴 ᵬ 魵 ᵬ 魶 ᵬ 魷 ᵬ 魸 ᵬ 魹 ᵬ 魺 ᵬ 魻 ᵬ 魼 ᵬ 魽 ᵬ 魾 ᵬ 魿 ᵬ 鮀 ᵬ 鮁 ᵬ 鮂 ᵬ 鮃 ᵬ 鮄 ᵬ 鮅 ᵬ 鮆 ᵬ 鮇 ᵬ 鮈 ᵬ 鮉 ᵬ 鮊 ᵬ 鮋 ᵬ 鮌 ᵬ 鮍 ᵬ 鮎 ᵬ 鮏 ᵬ 鮐 ᵬ 鮑 ᵬ 鮒 ᵬ 鮓 ᵬ 鮔 ᵬ 鮕 ᵬ 鮖 ᵬ 鮗 ᵬ 鮘 ᵬ 鮙 ᵬ 鮚 ᵬ 鮛 ᵬ 鮜 ᵬ 鮝 ᵬ 鮞 ᵬ 鮟 ᵬ 鮠 ᵬ 鮡 ᵬ 鮢 ᵬ 鮣 ᵬ 鮤 ᵬ 鮥 ᵬ 鮦 ᵬ 鮧 ᵬ 鮨 ᵬ 鮩 ᵬ 鮪 ᵬ 鮫 ᵬ 鮬 ᵬ 鮭 ᵬ 鮮 ᵬ 鮯 ᵬ 鮰 ᵬ 鮱 ᵬ 鮲 ᵬ 鮳 ᵬ 鮴 ᵬ 鮵 ᵬ 鮶 ᵬ 鮷 ᵬ 鮸 ᵬ 鮹 ᵬ 鮺 ᵬ 鮻 ᵬ 鮼 ᵬ 鮽 ᵬ 鮾 ᵬ 鮿 ᵬ 鯀 ᵬ 鯁 ᵬ 鯂 ᵬ 鯃 ᵬ 鯄 ᵬ 鯅 ᵬ 鯆 ᵬ 鯇 ᵬ 鯈 ᵬ 鯉 ᵬ 鯊 ᵬ 鯋 ᵬ 鯌 ᵬ 鯍 ᵬ 鯎 ᵬ 鯏 ᵬ 鯐 ᵬ 鯑 ᵬ 鯒 ᵬ 鯓 ᵬ 鯔 ᵬ 鯕 ᵬ 鯖 ᵬ 鯗 ᵬ 鯘 ᵬ 鯙 ᵬ 鯚 ᵬ 鯛 ᵬ 鯜 ᵬ 鯝 ᵬ 鯞 ᵬ 鯟 ᵬ 鯠 ᵬ 鯡 ᵬ 鯢 ᵬ 鯣 ᵬ 鯤 ᵬ 鯥 ᵬ 鯦 ᵬ 鯧 ᵬ 鯨 ᵬ 鯩 ᵬ 鯪 ᵬ 鯫 ᵬ 鯬 ᵬ 鯭 ᵬ 鯮 ᵬ 鯯 ᵬ 鯰 ᵬ 鯱 ᵬ 鯲 ᵬ 鯳 ᵬ 鯴 ᵬ 鯵 ᵬ 鯶 ᵬ 鯷 ᵬ 鯸 ᵬ 鯹 ᵬ 鯺 ᵬ 鯻 ᵬ 鯼 ᵬ 鯽 ᵬ 鯾 ᵬ 鯿 ᵬ 鰀 ᵬ 鰁 ᵬ 鰂 ᵬ 鰃 ᵬ 鰄 ᵬ 鰅 ᵬ 鰆 ᵬ 鰇 ᵬ 鰈 ᵬ 鰉 ᵬ 鰊 ᵬ 鰋 ᵬ 鰌 ᵬ 鰍 ᵬ 鰎 ᵬ 鰏 ᵬ 鰐 ᵬ 鰑 ᵬ 鰒 ᵬ 鰓 ᵬ 鰔 ᵬ 鰕 ᵬ 鰖 ᵬ 鰗 ᵬ 鰘 ᵬ 鰙 ᵬ 鰚 ᵬ 鰛 ᵬ 鰜 ᵬ 鰝 ᵬ 鰞 ᵬ 鰟 ᵬ 鰠 ᵬ 鰡 ᵬ 鰢 ᵬ 鰣 ᵬ 鰤 ᵬ 鰥 ᵬ 鰦 ᵬ 鰧 ᵬ 鰨 ᵬ 鰩 ᵬ 鰪 ᵬ 鰫 ᵬ 鰬 ᵬ 鰭 ᵬ 鰮 ᵬ 鰯 ᵬ 鰰 ᵬ 鰱 ᵬ 鰲 ᵬ 鰳 ᵬ 鰴 ᵬ 鰵 ᵬ 鰶 ᵬ 鰷 ᵬ 鰸 ᵬ 鰹 ᵬ 鰺 ᵬ 鰻 ᵬ 鰼 ᵬ 鰽 ᵬ 鰾 ᵬ 鰿 ᵬ 鱀 ᵬ 鱁 ᵬ 鱂 ᵬ 鱃 ᵬ 鱄 ᵬ 鱅 ᵬ 鱆 ᵬ 鱇 ᵬ 鱈 ᵬ 鱉 ᵬ 鱊 ᵬ 鱋 ᵬ 鱌 ᵬ 鱍 ᵬ 鱎 ᵬ 鱏 ᵬ 鱐 ᵬ 鱑 ᵬ 鱒 ᵬ 鱓 ᵬ 鱔 ᵬ 鱕 ᵬ 鱖 ᵬ 鱗 ᵬ 鱘 ᵬ 鱙 ᵬ 鱚 ᵬ 鱛 ᵬ 鱜 ᵬ 鱝 ᵬ 鱞 ᵬ 鱟 ᵬ 鱠 ᵬ 鱡 ᵬ 鱢 ᵬ 鱣 ᵬ 鱤 ᵬ 鱥 ᵬ 鱦 ᵬ 鱧 ᵬ 鱨 ᵬ 鱩 ᵬ 鱪 ᵬ 鱫 ᵬ 鱬 ᵬ 鱭 ᵬ 鱮 ᵬ 鱯 ᵬ 鱰 ᵬ 鱱 ᵬ 鱲 ᵬ 鱳 ᵬ 鱴 ᵬ 鱵 ᵬ 鱶 ᵬ 鱷 ᵬ 鱸 ᵬ 鱹 ᵬ 鱺 ᵬ 鱻 ᵬ 鱼 ᵬ 鱽 ᵬ 鱾 ᵬ 鱿 ᵬ 鲀 ᵬ 鲁 ᵬ 鲂 ᵬ 鲃 ᵬ 鲄 ᵬ 鲅 ᵬ 鲆 ᵬ 鲇 ᵬ 鲈 ᵬ 鲉 ᵬ 鲊 ᵬ 鲋 ᵬ 鲌 ᵬ 鲍 ᵬ 鲎 ᵬ 鲏 ᵬ 鲐 ᵬ 鲑 ᵬ 鲒 ᵬ 鲓 ᵬ 鲔 ᵬ 鲕 ᵬ 鲖 ᵬ 鲗 ᵬ 鲘 ᵬ 鲙 ᵬ 鲚 ᵬ 鲛 ᵬ 鲜 ᵬ 鲝 ᵬ 鲞 ᵬ 鲟 ᵬ 鲠 ᵬ 鲡 ᵬ 鲢 ᵬ 鲣 ᵬ 鲤 ᵬ 鲥 ᵬ 鲦 ᵬ 鲧 ᵬ 鲨 ᵬ 鲩 ᵬ 鲪 ᵬ 鲫 ᵬ 鲬 ᵬ 鲭 ᵬ 鲮 ᵬ 鲯 ᵬ 鲰 ᵬ 鲱 ᵬ 鲲 ᵬ 鲳 ᵬ 鲴 ᵬ 鲵 ᵬ 鲶 ᵬ 鲷 ᵬ 鲸 ᵬ 鲹 ᵬ 鲺 ᵬ 鲻 ᵬ 鲼 ᵬ 鲽 ᵬ 鲾 ᵬ 鲿 ᵬ 鳀 ᵬ 鳁 ᵬ 鳂 ᵬ 鳃 ᵬ 鳄 ᵬ 鳅 ᵬ 鳆 ᵬ 鳇 ᵬ 鳈 ᵬ 鳉 ᵬ 鳊 ᵬ 鳋 ᵬ 鳌 ᵬ 鳍 ᵬ 鳎 ᵬ 鳏 ᵬ 鳐 ᵬ 鳑 ᵬ 鳒 ᵬ 鳓 ᵬ 鳔 ᵬ 鳕 ᵬ 鳖 ᵬ 鳗 ᵬ 鳘 ᵬ 鳙 ᵬ 鳚 ᵬ 鳛 ᵬ 鳜 ᵬ 鳝 ᵬ 鳞 ᵬ 鳟 ᵬ 鳠 ᵬ 鳡 ᵬ 鳢 ᵬ 鳣 ᵬ 鳤 ᵬ 鳥 ᵬ 鳦 ᵬ 鳧 ᵬ 鳨 ᵬ 鳩 ᵬ 鳪 ᵬ 鳫 ᵬ 鳬 ᵬ 鳭 ᵬ 鳮 ᵬ 鳯 ᵬ 鳰 ᵬ 鳱 ᵬ 鳲 ᵬ 鳳 ᵬ 鳴 ᵬ 鳵 ᵬ 鳶 ᵬ 鳷 ᵬ 鳸 ᵬ 鳹 ᵬ 鳺 ᵬ 鳻 ᵬ 鳼 ᵬ 鳽 ᵬ 鳾 ᵬ 鳿 ᵬ 鴀 ᵬ 鴁 ᵬ 鴂 ᵬ 鴃 ᵬ 鴄 ᵬ 鴅 ᵬ 鴆 ᵬ 鴇 ᵬ 鴈 ᵬ 鴉 ᵬ 鴊 ᵬ 鴋 ᵬ 鴌 ᵬ 鴍 ᵬ 鴎 ᵬ 鴏 ᵬ 鴐 ᵬ 鴑 ᵬ 鴒 ᵬ 鴓 ᵬ 鴔 ᵬ 鴕 ᵬ 鴖 ᵬ 鴗 ᵬ 鴘 ᵬ 鴙 ᵬ 鴚 ᵬ 鴛 ᵬ 鴜 ᵬ 鴝 ᵬ 鴞 ᵬ 鴟 ᵬ 鴠 ᵬ 鴡 ᵬ 鴢 ᵬ 鴣 ᵬ 鴤 ᵬ 鴥 ᵬ 鴦 ᵬ 鴧 ᵬ 鴨 ᵬ 鴩 ᵬ 鴪 ᵬ 鴫 ᵬ 鴬 ᵬ 鴭 ᵬ 鴮 ᵬ 鴯 ᵬ 鴰 ᵬ 鴱 ᵬ 鴲 ᵬ 鴳 ᵬ 鴴 ᵬ 鴵 ᵬ 鴶 ᵬ 鴷 ᵬ 鴸 ᵬ 鴹 ᵬ 鴺 ᵬ 鴻 ᵬ 鴼 ᵬ 鴽 ᵬ 鴾 ᵬ 鴿 ᵬ 鵀 ᵬ 鵁 ᵬ 鵂 ᵬ 鵃 ᵬ 鵄 ᵬ 鵅 ᵬ 鵆 ᵬ 鵇 ᵬ 鵈 ᵬ 鵉 ᵬ 鵊 ᵬ 鵋 ᵬ 鵌 ᵬ 鵍 ᵬ 鵎 ᵬ 鵏 ᵬ 鵐 ᵬ 鵑 ᵬ 鵒 ᵬ 鵓 ᵬ 鵔 ᵬ 鵕 ᵬ 鵖 ᵬ 鵗 ᵬ 鵘 ᵬ 鵙 ᵬ 鵚 ᵬ 鵛 ᵬ 鵜 ᵬ 鵝 ᵬ 鵞 ᵬ 鵟 ᵬ 鵠 ᵬ 鵡 ᵬ 鵢 ᵬ 鵣 ᵬ 鵤 ᵬ 鵥 ᵬ 鵦 ᵬ 鵧 ᵬ 鵨 ᵬ 鵩 ᵬ 鵪 ᵬ 鵫 ᵬ 鵬 ᵬ 鵭 ᵬ 鵮 ᵬ 鵯 ᵬ 鵰 ᵬ 鵱 ᵬ 鵲 ᵬ 鵳 ᵬ 鵴 ᵬ 鵵 ᵬ 鵶 ᵬ 鵷 ᵬ 鵸 ᵬ 鵹 ᵬ 鵺 ᵬ 鵻 ᵬ 鵼 ᵬ 鵽 ᵬ 鵾 ᵬ 鵿 ᵬ 鶀 ᵬ 鶁 ᵬ 鶂 ᵬ 鶃 ᵬ 鶄 ᵬ 鶅 ᵬ 鶆 ᵬ 鶇 ᵬ 鶈 ᵬ 鶉 ᵬ 鶊 ᵬ 鶋 ᵬ 鶌 ᵬ 鶍 ᵬ 鶎 ᵬ 鶏 ᵬ 鶐 ᵬ 鶑 ᵬ 鶒 ᵬ 鶓 ᵬ 鶔 ᵬ 鶕 ᵬ 鶖 ᵬ 鶗 ᵬ 鶘 ᵬ 鶙 ᵬ 鶚 ᵬ 鶛 ᵬ 鶜 ᵬ 鶝 ᵬ 鶞 ᵬ 鶟 ᵬ 鶠 ᵬ 鶡 ᵬ 鶢 ᵬ 鶣 ᵬ 鶤 ᵬ 鶥 ᵬ 鶦 ᵬ 鶧 ᵬ 鶨 ᵬ 鶩 ᵬ 鶪 ᵬ 鶫 ᵬ 鶬 ᵬ 鶭 ᵬ 鶮 ᵬ 鶯 ᵬ 鶰 ᵬ 鶱 ᵬ 鶲 ᵬ 鶳 ᵬ 鶴 ᵬ 鶵 ᵬ 鶶 ᵬ 鶷 ᵬ 鶸 ᵬ 鶹 ᵬ 鶺 ᵬ 鶻 ᵬ 鶼 ᵬ 鶽 ᵬ 鶾 ᵬ 鶿 ᵬ 鷀 ᵬ 鷁 ᵬ 鷂 ᵬ 鷃 ᵬ 鷄 ᵬ 鷅 ᵬ 鷆 ᵬ 鷇 ᵬ 鷈 ᵬ 鷉 ᵬ 鷊 ᵬ 鷋 ᵬ 鷌 ᵬ 鷍 ᵬ 鷎 ᵬ 鷏 ᵬ 鷐 ᵬ 鷑 ᵬ 鷒 ᵬ 鷓 ᵬ 鷔 ᵬ 鷕 ᵬ 鷖 ᵬ 鷗 ᵬ 鷘 ᵬ 鷙 ᵬ 鷚 ᵬ 鷛 ᵬ 鷜 ᵬ 鷝 ᵬ 鷞 ᵬ 鷟 ᵬ 鷠 ᵬ 鷡 ᵬ 鷢 ᵬ 鷣 ᵬ 鷤 ᵬ 鷥 ᵬ 鷦 ᵬ 鷧 ᵬ 鷨 ᵬ 鷩 ᵬ 鷪 ᵬ 鷫 ᵬ 鷬 ᵬ 鷭 ᵬ 鷮 ᵬ 鷯 ᵬ 鷰 ᵬ 鷱 ᵬ 鷲 ᵬ 鷳 ᵬ 鷴 ᵬ 鷵 ᵬ 鷶 ᵬ 鷷 ᵬ 鷸 ᵬ 鷹 ᵬ 鷺 ᵬ 鷻 ᵬ 鷼 ᵬ 鷽 ᵬ 鷾 ᵬ 鷿 ᵬ 鸀 ᵬ 鸁 ᵬ 鸂 ᵬ 鸃 ᵬ 鸄 ᵬ 鸅 ᵬ 鸆 ᵬ 鸇 ᵬ 鸈 ᵬ 鸉 ᵬ 鸊 ᵬ 鸋 ᵬ 鸌 ᵬ 鸍 ᵬ 鸎 ᵬ 鸏 ᵬ 鸐 ᵬ 鸑 ᵬ 鸒 ᵬ 鸓 ᵬ 鸔 ᵬ 鸕 ᵬ 鸖 ᵬ 鸗 ᵬ 鸘 ᵬ 鸙 ᵬ 鸚 ᵬ 鸛 ᵬ 鸜 ᵬ 鸝 ᵬ 鸞 ᵬ 鸟 ᵬ 鸠 ᵬ 鸡 ᵬ 鸢 ᵬ 鸣 ᵬ 鸤 ᵬ 鸥 ᵬ 鸦 ᵬ 鸧 ᵬ 鸨 ᵬ 鸩 ᵬ 鸪 ᵬ 鸫 ᵬ 鸬 ᵬ 鸭 ᵬ 鸮 ᵬ 鸯 ᵬ 鸰 ᵬ 鸱 ᵬ 鸲 ᵬ 鸳 ᵬ 鸴 ᵬ 鸵 ᵬ 鸶 ᵬ 鸷 ᵬ 鸸 ᵬ 鸹 ᵬ 鸺 ᵬ 鸻 ᵬ 鸼 ᵬ 鸽 ᵬ 鸾 ᵬ 鸿 ᵬ 鹀 ᵬ 鹁 ᵬ 鹂 ᵬ 鹃 ᵬ 鹄 ᵬ 鹅 ᵬ 鹆 ᵬ 鹇 ᵬ 鹈 ᵬ 鹉 ᵬ 鹊 ᵬ 鹋 ᵬ 鹌 ᵬ 鹍 ᵬ 鹎 ᵬ 鹏 ᵬ 鹐 ᵬ 鹑 ᵬ 鹒 ᵬ 鹓 ᵬ 鹔 ᵬ 鹕 ᵬ 鹖 ᵬ 鹗 ᵬ 鹘 ᵬ 鹙 ᵬ 鹚 ᵬ 鹛 ᵬ 鹜 ᵬ 鹝 ᵬ 鹞 ᵬ 鹟 ᵬ 鹠 ᵬ 鹡 ᵬ 鹢 ᵬ 鹣 ᵬ 鹤 ᵬ 鹥 ᵬ 鹦 ᵬ 鹧 ᵬ 鹨 ᵬ 鹩 ᵬ 鹪 ᵬ 鹫 ᵬ 鹬 ᵬ 鹭 ᵬ 鹮 ᵬ 鹯 ᵬ 鹰 ᵬ 鹱 ᵬ 鹲 ᵬ 鹳 ᵬ 鹴 ᵬ 鹵 ᵬ 鹶 ᵬ 鹷 ᵬ 鹸 ᵬ 鹹 ᵬ 鹺 ᵬ 鹻 ᵬ 鹼 ᵬ 鹽 ᵬ 鹾 ᵬ 鹿 ᵬ 麀 ᵬ 麁 ᵬ 麂 ᵬ 麃 ᵬ 麄 ᵬ 麅 ᵬ 麆 ᵬ 麇 ᵬ 麈 ᵬ 麉 ᵬ 麊 ᵬ 麋 ᵬ 麌 ᵬ 麍 ᵬ 麎 ᵬ 麏 ᵬ 麐 ᵬ 麑 ᵬ 麒 ᵬ 麓 ᵬ 麔 ᵬ 麕 ᵬ 麖 ᵬ 麗 ᵬ 麘 ᵬ 麙 ᵬ 麚 ᵬ 麛 ᵬ 麜 ᵬ 麝 ᵬ 麞 ᵬ 麟 ᵬ 麠 ᵬ 麡 ᵬ 麢 ᵬ 麣 ᵬ 麤 ᵬ 麥 ᵬ 麦 ᵬ 麧 ᵬ 麨 ᵬ 麩 ᵬ 麪 ᵬ 麫 ᵬ 麬 ᵬ 麭 ᵬ 麮 ᵬ 麯 ᵬ 麰 ᵬ 麱 ᵬ 麲 ᵬ 麳 ᵬ 麴 ᵬ 麵 ᵬ 麶 ᵬ 麷 ᵬ 麸 ᵬ 麹 ᵬ 麺 ᵬ 麻 ᵬ 麼 ᵬ 麽 ᵬ 麾 ᵬ 麿 ᵬ 黀 ᵬ 黁 ᵬ 黂 ᵬ 黃 ᵬ 黄 ᵬ 黅 ᵬ 黆 ᵬ 黇 ᵬ 黈 ᵬ 黉 ᵬ 黊 ᵬ 黋 ᵬ 黌 ᵬ 黍 ᵬ 黎 ᵬ 黏 ᵬ 黐 ᵬ 黑 ᵬ 黒 ᵬ 黓 ᵬ 黔 ᵬ 黕 ᵬ 黖 ᵬ 黗 ᵬ 默 ᵬ 黙 ᵬ 黚 ᵬ 黛 ᵬ 黜 ᵬ 黝 ᵬ 點 ᵬ 黟 ᵬ 黠 ᵬ 黡 ᵬ 黢 ᵬ 黣 ᵬ 黤 ᵬ 黥 ᵬ 黦 ᵬ 黧 ᵬ 黨 ᵬ 黩 ᵬ 黪 ᵬ 黫 ᵬ 黬 ᵬ 黭 ᵬ 黮 ᵬ 黯 ᵬ 黰 ᵬ 黱 ᵬ 黲 ᵬ 黳 ᵬ 黴 ᵬ 黵 ᵬ 黶 ᵬ 黷 ᵬ 黸 ᵬ 黹 ᵬ 黺 ᵬ 黻 ᵬ 黼 ᵬ 黽 ᵬ 黾 ᵬ 黿 ᵬ 鼀 ᵬ 鼁 ᵬ 鼂 ᵬ 鼃 ᵬ 鼄 ᵬ 鼅 ᵬ 鼆 ᵬ 鼇 ᵬ 鼈 ᵬ 鼉 ᵬ 鼊 ᵬ 鼋 ᵬ 鼌 ᵬ 鼍 ᵬ 鼎 ᵬ 鼏 ᵬ 鼐 ᵬ 鼑 ᵬ 鼒 ᵬ 鼓 ᵬ 鼔 ᵬ 鼕 ᵬ 鼖 ᵬ 鼗 ᵬ 鼘 ᵬ 鼙 ᵬ 鼚 ᵬ 鼛 ᵬ 鼜 ᵬ 鼝 ᵬ 鼞 ᵬ 鼟 ᵬ 鼠 ᵬ 鼡 ᵬ 鼢 ᵬ 鼣 ᵬ 鼤 ᵬ 鼥 ᵬ 鼦 ᵬ 鼧 ᵬ 鼨 ᵬ 鼩 ᵬ 鼪 ᵬ 鼫 ᵬ 鼬 ᵬ 鼭 ᵬ 鼮 ᵬ 鼯 ᵬ 鼰 ᵬ 鼱 ᵬ 鼲 ᵬ 鼳 ᵬ 鼴 ᵬ 鼵 ᵬ 鼶 ᵬ 鼷 ᵬ 鼸 ᵬ 鼹 ᵬ 鼺 ᵬ 鼻 ᵬ 鼼 ᵬ 鼽 ᵬ 鼾 ᵬ 鼿 ᵬ 齀 ᵬ 齁 ᵬ 齂 ᵬ 齃 ᵬ 齄 ᵬ 齅 ᵬ 齆 ᵬ 齇 ᵬ 齈 ᵬ 齉 ᵬ 齊 ᵬ 齋 ᵬ 齌 ᵬ 齍 ᵬ 齎 ᵬ 齏 ᵬ 齐 ᵬ 齑 ᵬ 齒 ᵬ 齓 ᵬ 齔 ᵬ 齕 ᵬ 齖 ᵬ 齗 ᵬ 齘 ᵬ 齙 ᵬ 齚 ᵬ 齛 ᵬ 齜 ᵬ 齝 ᵬ 齞 ᵬ 齟 ᵬ 齠 ᵬ 齡 ᵬ 齢 ᵬ 齣 ᵬ 齤 ᵬ 齥 ᵬ 齦 ᵬ 齧 ᵬ 齨 ᵬ 齩 ᵬ 齪 ᵬ 齫 ᵬ 齬 ᵬ 齭 ᵬ 齮 ᵬ 齯 ᵬ 齰 ᵬ 齱 ᵬ 齲 ᵬ 齳 ᵬ 齴 ᵬ 齵 ᵬ 齶 ᵬ 齷 ᵬ 齸 ᵬ 齹 ᵬ 齺 ᵬ 齻 ᵬ 齼 ᵬ 齽 ᵬ 齾 ᵬ 齿 ᵬ 龀 ᵬ 龁 ᵬ 龂 ᵬ 龃 ᵬ 龄 ᵬ 龅 ᵬ 龆 ᵬ 龇 ᵬ 龈 ᵬ 龉 ᵬ 龊 ᵬ 龋 ᵬ 龌 ᵬ 龍 ᵬ 龎 ᵬ 龏 ᵬ 龐 ᵬ 龑 ᵬ 龒 ᵬ 龓 ᵬ 龔 ᵬ 龕 ᵬ 龖 ᵬ 龗 ᵬ 龘 ᵬ 龙 ᵬ 龚 ᵬ 龛 ᵬ 龜 ᵬ 龝 ᵬ 龞 ᵬ 龟 ᵬ 龠 ᵬ 龡 ᵬ 龢 ᵬ 龣 ᵬ 龤 ᵬ 龥 ᵬ 灤 ᵬ 灤 灤 漭 瀯 瀰 潆 灜 瀣 濭 澴 灖 瀿 濵 灆 灥 灢 瀾 灨 灜 濛 灞 淙 灤
